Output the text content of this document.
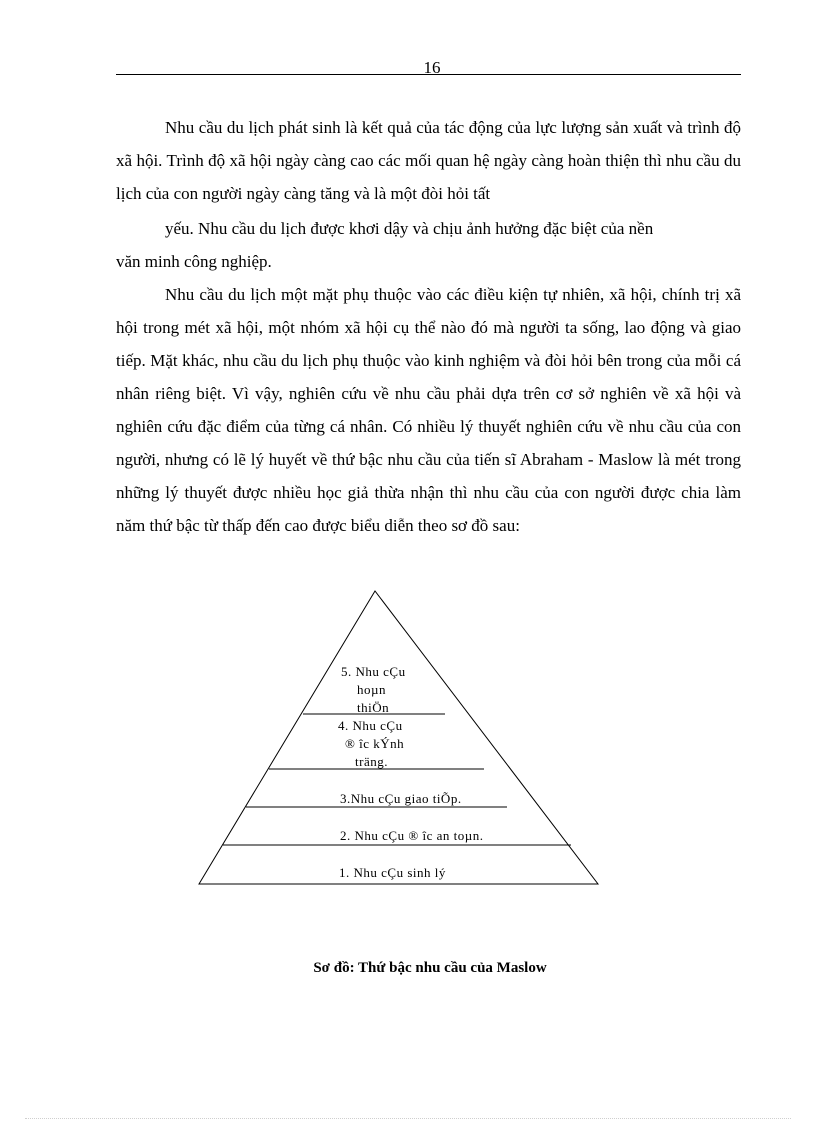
16

Nhu cầu du lịch phát sinh là kết quả của tác động của lực lượng sản xuất và trình độ xã hội. Trình độ xã hội ngày càng cao các mối quan hệ ngày càng hoàn thiện thì nhu cầu du lịch của con người ngày càng tăng và là một đòi hỏi tất

yếu. Nhu cầu du lịch được khơi dậy và chịu ảnh hưởng đặc biệt của nền

văn minh công nghiệp.

Nhu cầu du lịch một mặt phụ thuộc vào các điều kiện tự nhiên, xã hội, chính trị xã hội trong mét xã hội, một nhóm xã hội cụ thể nào đó mà người ta sống, lao động và giao tiếp. Mặt khác, nhu cầu du lịch phụ thuộc vào kinh nghiệm và đòi hỏi bên trong của mỗi cá nhân riêng biệt. Vì vậy, nghiên cứu về nhu cầu phải dựa trên cơ sở nghiên về xã hội và nghiên cứu đặc điểm của từng cá nhân. Có nhiều lý thuyết nghiên cứu về nhu cầu của con người, nhưng có lẽ lý huyết về thứ bậc nhu cầu của tiến sĩ Abraham - Maslow là mét trong những lý thuyết được nhiều học giả thừa nhận thì nhu cầu của con người được chia làm năm thứ bậc từ thấp đến cao được biểu diễn theo sơ đồ sau:

5. Nhu cÇu
hoµn
thiÖn
4. Nhu cÇu
® îc kÝnh
träng.
3.Nhu cÇu giao tiÕp.
2. Nhu cÇu ® îc an toµn.
1. Nhu cÇu sinh lý
Sơ đồ: Thứ bậc nhu cầu của Maslow
